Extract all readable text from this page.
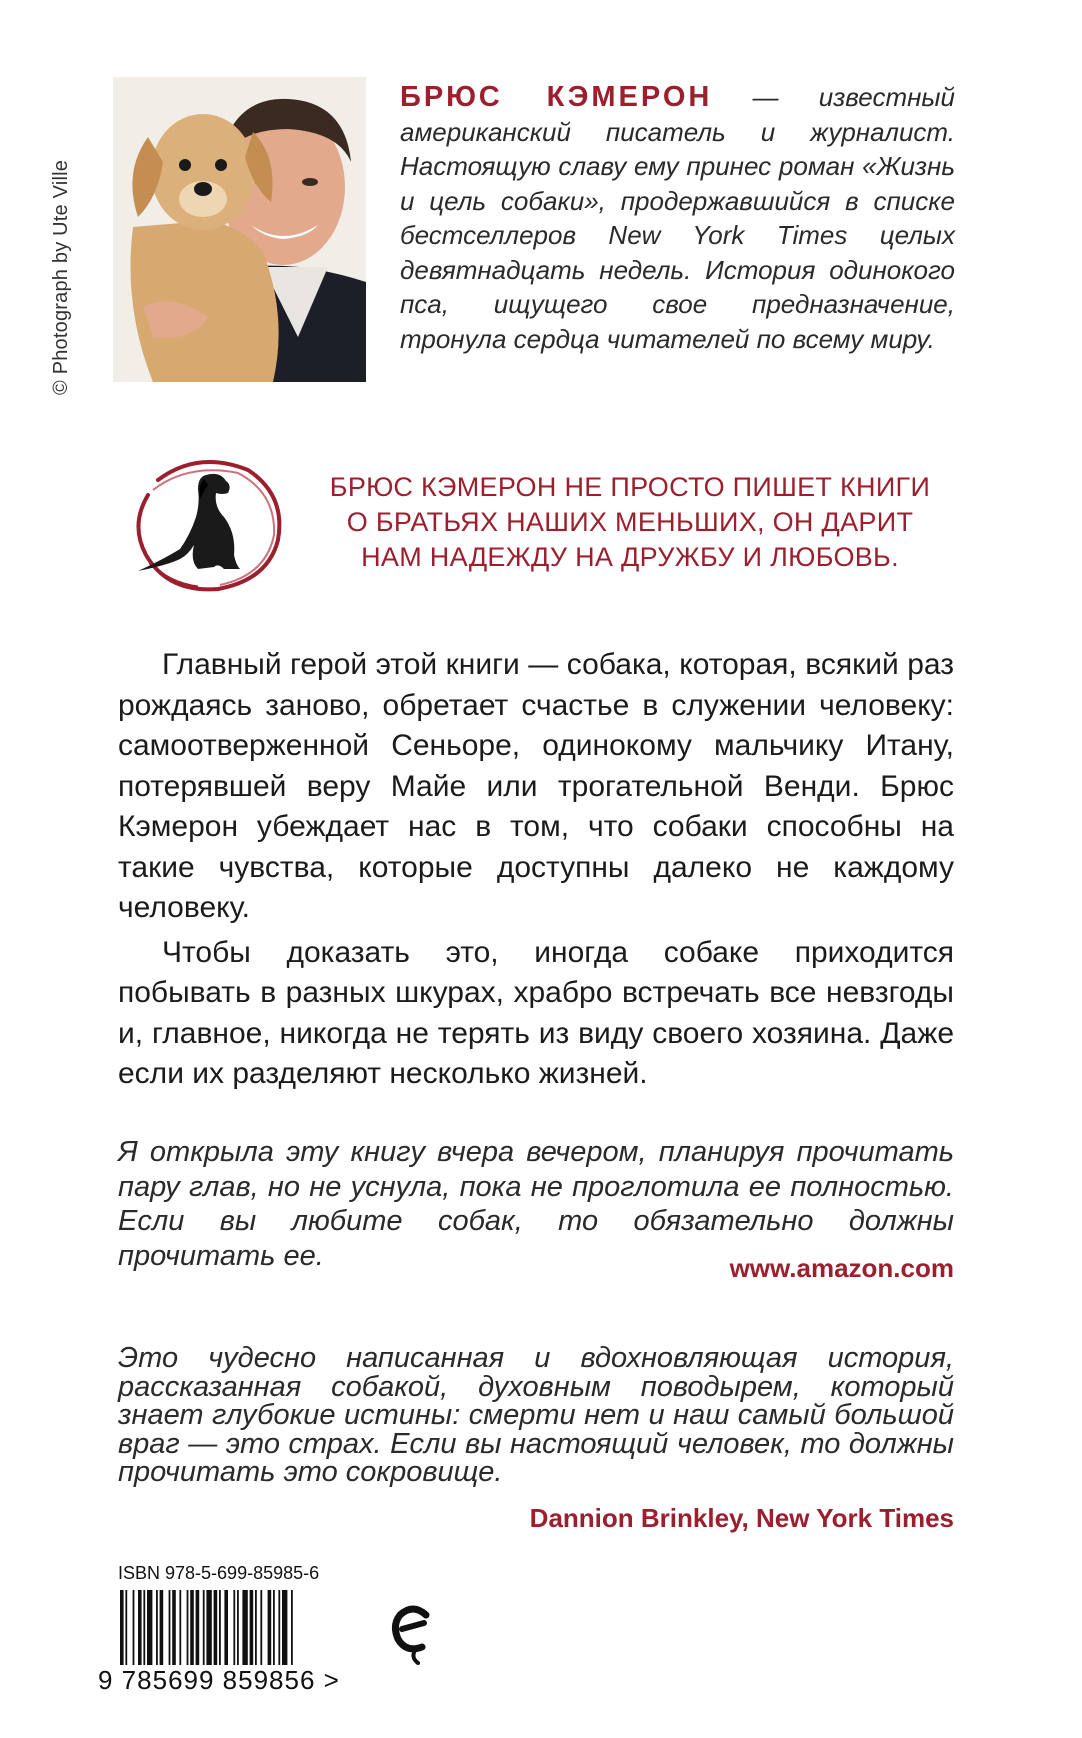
© Photograph by Ute Ville
БРЮС КЭМЕРОН — известный американский писатель и журналист. Настоящую славу ему принес роман «Жизнь и цель собаки», продержавшийся в списке бестселлеров New York Times целых девятнадцать недель. История одинокого пса, ищущего свое предназначение, тронула сердца читателей по всему миру.
БРЮС КЭМЕРОН НЕ ПРОСТО ПИШЕТ КНИГИ
О БРАТЬЯХ НАШИХ МЕНЬШИХ, ОН ДАРИТ
НАМ НАДЕЖДУ НА ДРУЖБУ И ЛЮБОВЬ.

Главный герой этой книги — собака, которая, всякий раз рождаясь заново, обретает счастье в служении человеку: самоотверженной Сеньоре, одинокому мальчику Итану, потерявшей веру Майе или трогательной Венди. Брюс Кэмерон убеждает нас в том, что собаки способны на такие чувства, которые доступны далеко не каждому человеку.

Чтобы доказать это, иногда собаке приходится побывать в разных шкурах, храбро встречать все невзгоды и, главное, никогда не терять из виду своего хозяина. Даже если их разделяют несколько жизней.

Я открыла эту книгу вчера вечером, планируя прочитать пару глав, но не уснула, пока не проглотила ее полностью. Если вы любите собак, то обязательно должны прочитать ее.	www.amazon.com
Это чудесно написанная и вдохновляющая история, рассказанная собакой, духовным поводырем, который знает глубокие истины: смерти нет и наш самый большой враг — это страх. Если вы настоящий человек, то должны прочитать это сокровище.
Dannion Brinkley, New York Times
ISBN 978-5-699-85985-6
9 785699 859856 >
